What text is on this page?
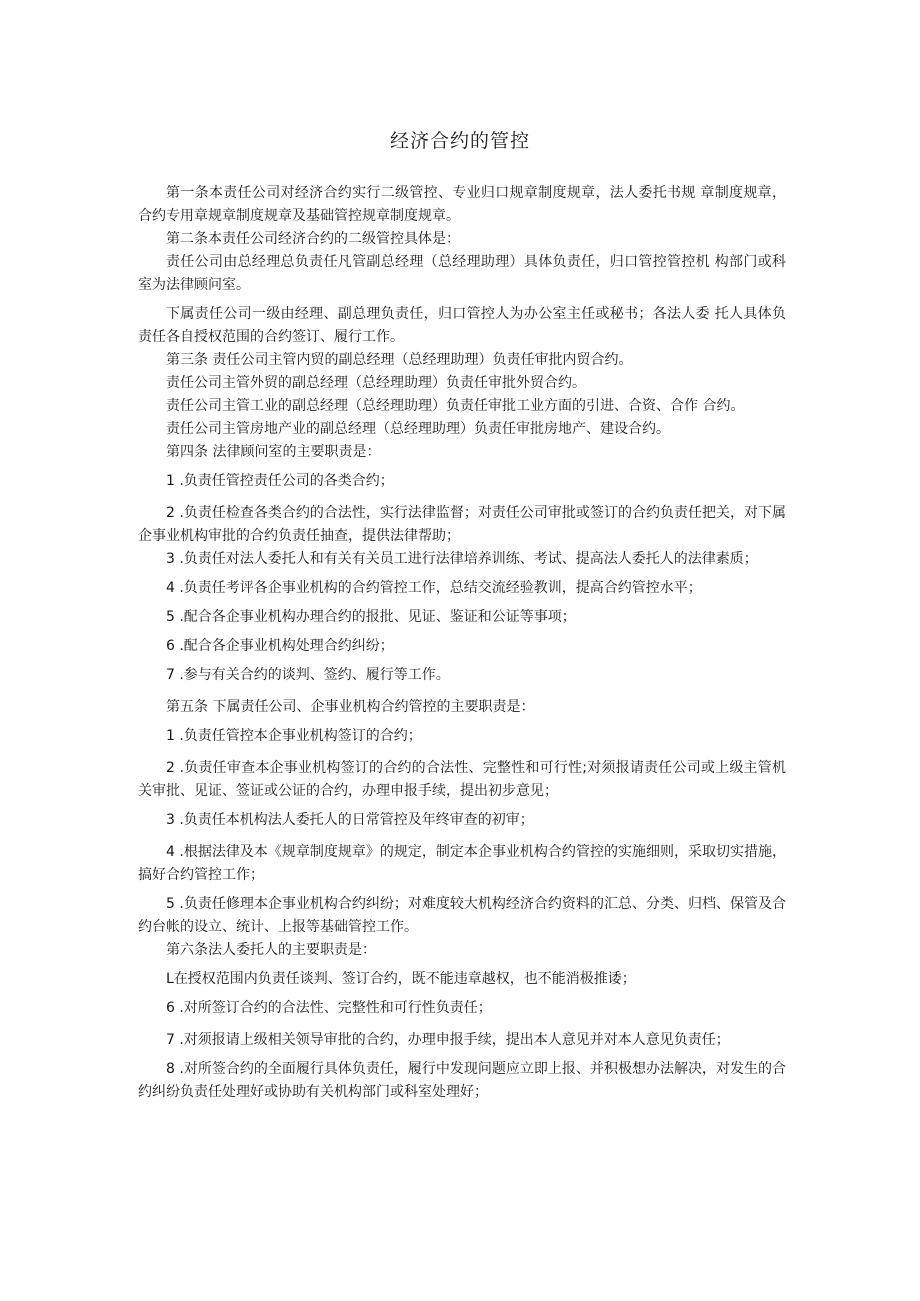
经济合约的管控

第一条本责任公司对经济合约实行二级管控、专业归口规章制度规章，法人委托书规 章制度规章，合约专用章规章制度规章及基础管控规章制度规章。

第二条本责任公司经济合约的二级管控具体是：

责任公司由总经理总负责任凡管副总经理（总经理助理）具体负责任，归口管控管控机 构部门或科室为法律顾问室。

下属责任公司一级由经理、副总理负责任，归口管控人为办公室主任或秘书；各法人委 托人具体负责任各自授权范围的合约签订、履行工作。

第三条 责任公司主管内贸的副总经理（总经理助理）负责任审批内贸合约。

责任公司主管外贸的副总经理（总经理助理）负责任审批外贸合约。

责任公司主管工业的副总经理（总经理助理）负责任审批工业方面的引进、合资、合作 合约。

责任公司主管房地产业的副总经理（总经理助理）负责任审批房地产、建设合约。

第四条 法律顾问室的主要职责是：

1 .负责任管控责任公司的各类合约；

2 .负责任检查各类合约的合法性，实行法律监督；对责任公司审批或签订的合约负责任把关，对下属企事业机构审批的合约负责任抽查，提供法律帮助；

3 .负责任对法人委托人和有关有关员工进行法律培养训练、考试、提高法人委托人的法律素质；

4 .负责任考评各企事业机构的合约管控工作，总结交流经验教训，提高合约管控水平；

5 .配合各企事业机构办理合约的报批、见证、鉴证和公证等事项；

6 .配合各企事业机构处理合约纠纷；

7 .参与有关合约的谈判、签约、履行等工作。

第五条 下属责任公司、企事业机构合约管控的主要职责是：

1 .负责任管控本企事业机构签订的合约；

2 .负责任审查本企事业机构签订的合约的合法性、完整性和可行性;对须报请责任公司或上级主管机关审批、见证、签证或公证的合约，办理申报手续，提出初步意见；

3 .负责任本机构法人委托人的日常管控及年终审查的初审；

4 .根据法律及本《规章制度规章》的规定，制定本企事业机构合约管控的实施细则，采取切实措施，搞好合约管控工作；

5 .负责任修理本企事业机构合约纠纷；对难度较大机构经济合约资料的汇总、分类、归档、保管及合约台帐的设立、统计、上报等基础管控工作。

第六条法人委托人的主要职责是：

L在授权范围内负责任谈判、签订合约，既不能违章越权，也不能消极推诿；

6 .对所签订合约的合法性、完整性和可行性负责任；

7 .对须报请上级相关领导审批的合约，办理申报手续，提出本人意见并对本人意见负责任；

8 .对所签合约的全面履行具体负责任，履行中发现问题应立即上报、并积极想办法解决，对发生的合约纠纷负责任处理好或协助有关机构部门或科室处理好；
